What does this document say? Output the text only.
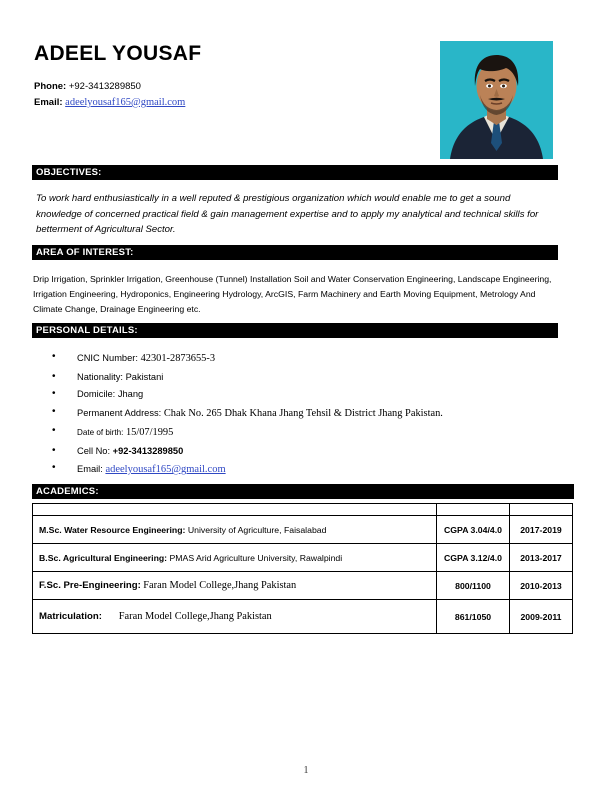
ADEEL YOUSAF
Phone: +92-3413289850
Email: adeelyousaf165@gmail.com
OBJECTIVES:
To work hard enthusiastically in a well reputed & prestigious organization which would enable me to get a sound knowledge of concerned practical field & gain management expertise and to apply my analytical and technical skills for betterment of Agricultural Sector.
AREA OF INTEREST:
Drip Irrigation, Sprinkler Irrigation, Greenhouse (Tunnel) Installation Soil and Water Conservation Engineering, Landscape Engineering, Irrigation Engineering, Hydroponics, Engineering Hydrology, ArcGIS, Farm Machinery and Earth Moving Equipment, Metrology And Climate Change, Drainage Engineering etc.
PERSONAL DETAILS:
• CNIC Number: 42301-2873655-3
• Nationality: Pakistani
• Domicile: Jhang
• Permanent Address: Chak No. 265 Dhak Khana Jhang Tehsil & District Jhang Pakistan.
• Date of birth: 15/07/1995
• Cell No: +92-3413289850
• Email: adeelyousaf165@gmail.com
ACADEMICS:

M.Sc. Water Resource Engineering: University of Agriculture, Faisalabad	CGPA 3.04/4.0	2017-2019
B.Sc. Agricultural Engineering: PMAS Arid Agriculture University, Rawalpindi	CGPA 3.12/4.0	2013-2017
F.Sc. Pre-Engineering: Faran Model College,Jhang Pakistan	800/1100	2010-2013
Matriculation: Faran Model College,Jhang Pakistan	861/1050	2009-2011
1
